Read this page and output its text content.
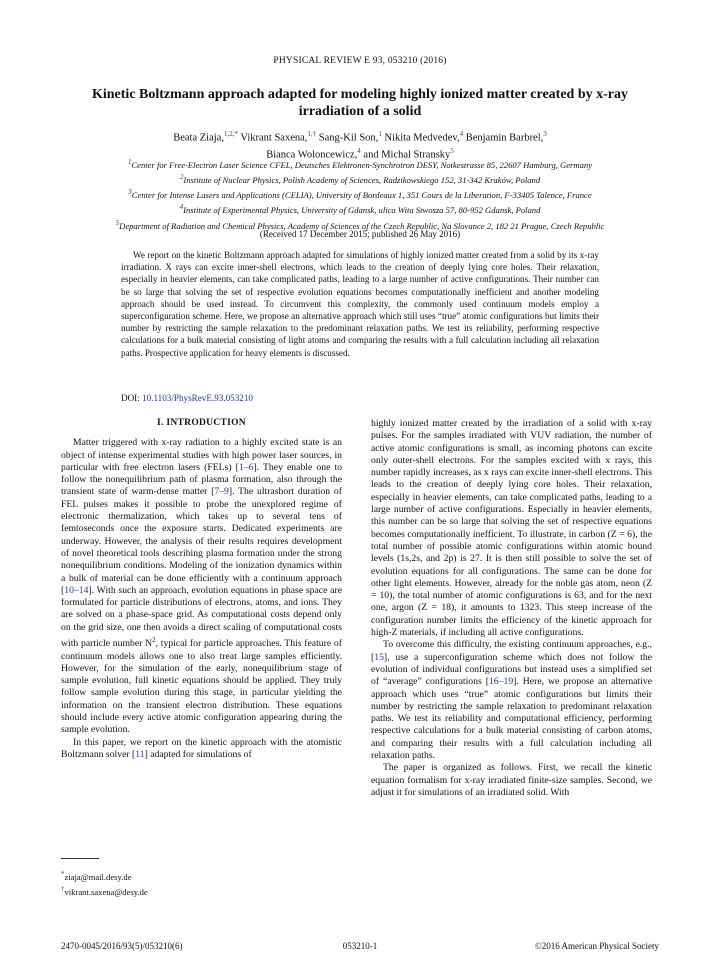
PHYSICAL REVIEW E 93, 053210 (2016)
Kinetic Boltzmann approach adapted for modeling highly ionized matter created by x-ray irradiation of a solid
Beata Ziaja,$^{1,2,*}$ Vikrant Saxena,$^{1,\dagger}$ Sang-Kil Son,$^1$ Nikita Medvedev,$^4$ Benjamin Barbrel,$^3$
Bianca Woloncewicz,$^4$ and Michal Stransky$^5$
$^1$Center for Free-Electron Laser Science CFEL, Deutsches Elektronen-Synchrotron DESY, Notkestrasse 85, 22607 Hamburg, Germany
$^2$Institute of Nuclear Physics, Polish Academy of Sciences, Radzikowskiego 152, 31-342 Kraków, Poland
$^3$Center for Intense Lasers and Applications (CELIA), University of Bordeaux 1, 351 Cours de la Liberation, F-33405 Talence, France
$^4$Institute of Experimental Physics, University of Gdansk, ulica Wita Stwosza 57, 80-952 Gdansk, Poland
$^5$Department of Radiation and Chemical Physics, Academy of Sciences of the Czech Republic, Na Slovance 2, 182 21 Prague, Czech Republic
(Received 17 December 2015; published 26 May 2016)
We report on the kinetic Boltzmann approach adapted for simulations of highly ionized matter created from a solid by its x-ray irradiation. X rays can excite inner-shell electrons, which leads to the creation of deeply lying core holes. Their relaxation, especially in heavier elements, can take complicated paths, leading to a large number of active configurations. Their number can be so large that solving the set of respective evolution equations becomes computationally inefficient and another modeling approach should be used instead. To circumvent this complexity, the commonly used continuum models employ a superconfiguration scheme. Here, we propose an alternative approach which still uses “true” atomic configurations but limits their number by restricting the sample relaxation to the predominant relaxation paths. We test its reliability, performing respective calculations for a bulk material consisting of light atoms and comparing the results with a full calculation including all relaxation paths. Prospective application for heavy elements is discussed.
DOI: 10.1103/PhysRevE.93.053210
I. INTRODUCTION

Matter triggered with x-ray radiation to a highly excited state is an object of intense experimental studies with high power laser sources, in particular with free electron lasers (FELs) [1–6]. They enable one to follow the nonequilibrium path of plasma formation, also through the transient state of warm-dense matter [7–9]. The ultrashort duration of FEL pulses makes it possible to probe the unexplored regime of electronic thermalization, which takes up to several tens of femtoseconds once the exposure starts. Dedicated experiments are underway. However, the analysis of their results requires development of novel theoretical tools describing plasma formation under the strong nonequilibrium conditions. Modeling of the ionization dynamics within a bulk of material can be done efficiently with a continuum approach [10–14]. With such an approach, evolution equations in phase space are formulated for particle distributions of electrons, atoms, and ions. They are solved on a phase-space grid. As computational costs depend only on the grid size, one then avoids a direct scaling of computational costs with particle number $N^2$, typical for particle approaches. This feature of continuum models allows one to also treat large samples efficiently. However, for the simulation of the early, nonequilibrium stage of sample evolution, full kinetic equations should be applied. They truly follow sample evolution during this stage, in particular yielding the information on the transient electron distribution. These equations should include every active atomic configuration appearing during the sample evolution.

In this paper, we report on the kinetic approach with the atomistic Boltzmann solver [11] adapted for simulations of

highly ionized matter created by the irradiation of a solid with x-ray pulses. For the samples irradiated with VUV radiation, the number of active atomic configurations is small, as incoming photons can excite only outer-shell electrons. For the samples excited with x rays, this number rapidly increases, as x rays can excite inner-shell electrons. This leads to the creation of deeply lying core holes. Their relaxation, especially in heavier elements, can take complicated paths, leading to a large number of active configurations. Especially in heavier elements, this number can be so large that solving the set of respective equations becomes computationally inefficient. To illustrate, in carbon (Z = 6), the total number of possible atomic configurations within atomic bound levels (1s,2s, and 2p) is 27. It is then still possible to solve the set of evolution equations for all configurations. The same can be done for other light elements. However, already for the noble gas atom, neon (Z = 10), the total number of atomic configurations is 63, and for the next one, argon (Z = 18), it amounts to 1323. This steep increase of the configuration number limits the efficiency of the kinetic approach for high-Z materials, if including all active configurations.

To overcome this difficulty, the existing continuum approaches, e.g., [15], use a superconfiguration scheme which does not follow the evolution of individual configurations but instead uses a simplified set of “average” configurations [16–19]. Here, we propose an alternative approach which uses “true” atomic configurations but limits their number by restricting the sample relaxation to predominant relaxation paths. We test its reliability and computational efficiency, performing respective calculations for a bulk material consisting of carbon atoms, and comparing their results with a full calculation including all relaxation paths.

The paper is organized as follows. First, we recall the kinetic equation formalism for x-ray irradiated finite-size samples. Second, we adjust it for simulations of an irradiated solid. With

*ziaja@mail.desy.de
†vikrant.saxena@desy.de
2470-0045/2016/93(5)/053210(6)	053210-1	©2016 American Physical Society
